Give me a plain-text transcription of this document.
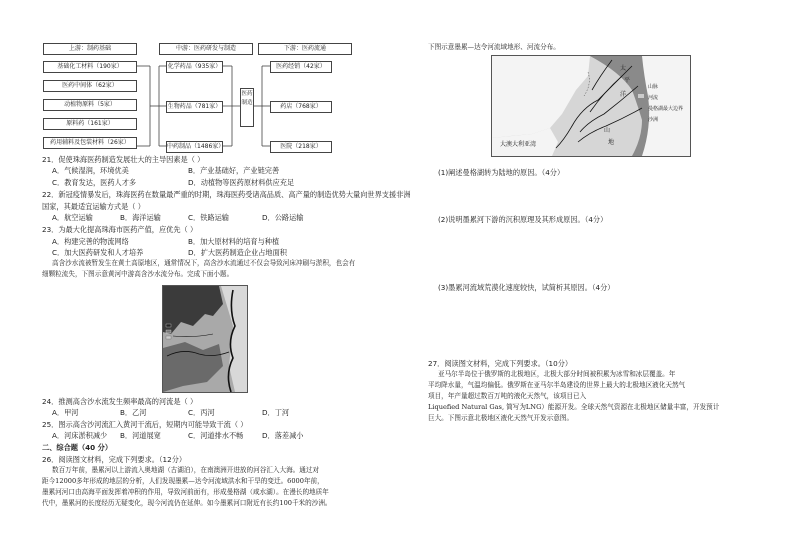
上游：制药基础	中游：医药研发与制造	下游：医药流通
基础化工材料（190家）
医药中间体（62家）
动植物原料（5家）
原料药（161家）
药用辅料及包装材料（26家）
化学药品（935家）
生物药品（781家）
中药制品（1486家）
医药制造
医药经销（42家）
药店（768家）
医院（218家）
21．促使珠海医药制造发展壮大的主导因素是（ ）
A．气候湿润，环境优美	B．产业基础好，产业链完善
C．教育发达，医药人才多	D．动植物等医药原材料供应充足
22．新冠疫情暴发后，珠海医药在数量最严重的时期，珠海医药受诸高品质、高产量的制造优势大量向世界支援非洲
国家，其最适宜运输方式是（ ）
A．航空运输	B．海洋运输	C．铁路运输	D．公路运输
23．为最大化提高珠海市医药产值，应优先（ ）
A．构建完善的物流网络	B．加大原材料的培育与种植
C．加大医药研发和人才培养	D．扩大医药制造企业占地面积
高含沙水流被暂发生在黄土高原地区，通常情况下，高含沙水流通过不仅会导致河床冲刷与淤积，也会有
细颗粒流失，下图示意黄河中游高含沙水流分布。完成下面小题。
24．推测高含沙水流发生频率最高的河流是（ ）
A．甲河	B．乙河	C．丙河	D．丁河
25．图示高含沙河流汇入黄河干流后，短期内可能导致干流（ ）
A．河床淤积减少 B．河道展宽	C．河道排水不畅	D．落差减小
二、综合题（40 分）
26．阅读图文材料，完成下列要求。（12分）
数百万年前，墨累河以上游流入奥地湖（古湖泊），在南澳洲开进放的河谷汇入大海。通过对
距今12000多年形成的地层的分析，人们发现墨累—达令河流域洪水和干旱的变迁。6000年前，
墨累河河口由高海平面发挥着冲积的作用，导致河前面有，形成曼格湖（咸水湖）。在漫长的地质年
代中，墨累河的长度经历无疑变化，现今河流仍在延伸。如今墨累河口附近有长约100千米的沙洲。
下图示意墨累—达令河流域地形、河流分布。
大澳大利亚湾
太
平
洋
山
地
山脉
河流
曼格湖最大边界
沙洲
(1)阐述曼格湖转为陆地的原因。（4分）
(2)说明墨累河下游的沉积原理及其形成原因。（4分）
(3)墨累河流域荒漠化速度较快，试简析其原因。（4分）
27．阅读图文材料，完成下列要求。（10分）
亚马尔半岛位于俄罗斯的北极地区，北极大部分时间被积累为冰雪和冰层覆盖。年
平均降水量，气温均偏低。俄罗斯在亚马尔半岛建设的世界上最大的北极地区液化天然气
项目，年产量超过数百万吨的液化天然气，该项目已入
Liquefied Natural Gas, 简写为LNG）能源开发。全球天然气资源在北极地区储量丰富，开发预计
巨大。下图示意北极地区液化天然气开发示意图。
